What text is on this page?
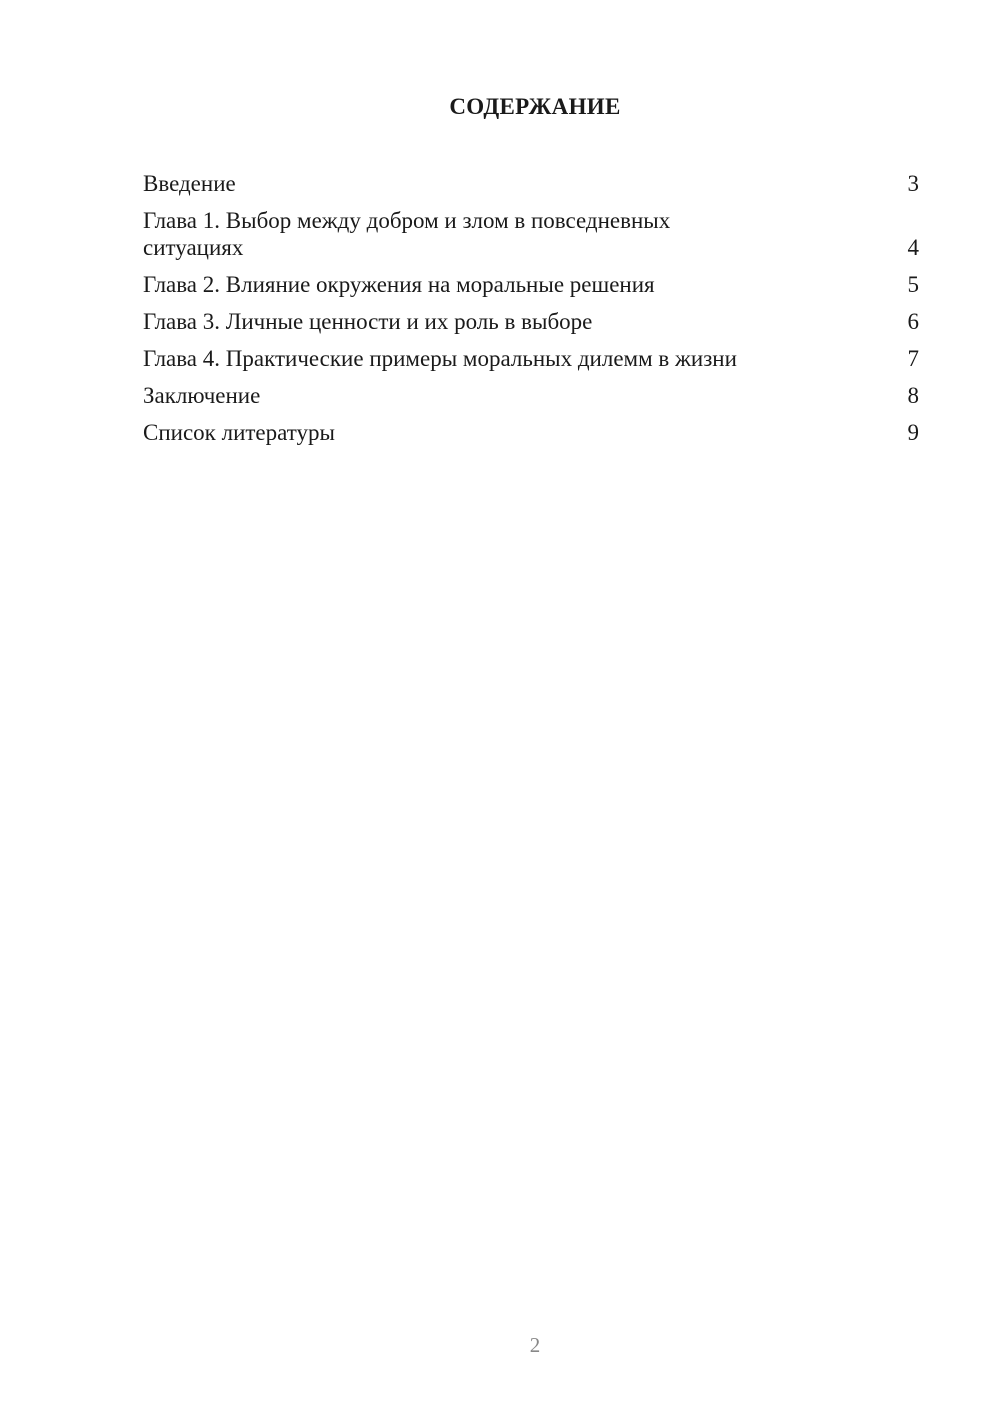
СОДЕРЖАНИЕ
Введение	3
Глава 1. Выбор между добром и злом в повседневных ситуациях	4
Глава 2. Влияние окружения на моральные решения	5
Глава 3. Личные ценности и их роль в выборе	6
Глава 4. Практические примеры моральных дилемм в жизни	7
Заключение	8
Список литературы	9
2
